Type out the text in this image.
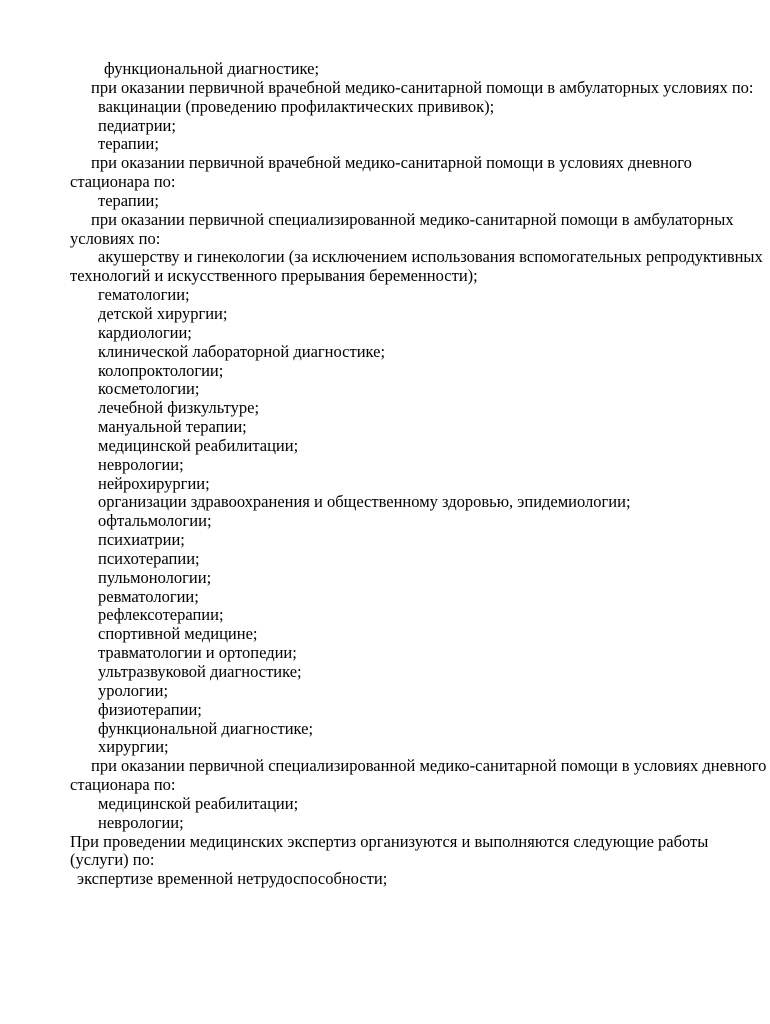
функциональной диагностике;
при оказании первичной врачебной медико-санитарной помощи в амбулаторных условиях по:
вакцинации (проведению профилактических прививок);
педиатрии;
терапии;
при оказании первичной врачебной медико-санитарной помощи в условиях дневного
стационара по:
терапии;
при оказании первичной специализированной медико-санитарной помощи в амбулаторных
условиях по:
акушерству и гинекологии (за исключением использования вспомогательных репродуктивных
технологий и искусственного прерывания беременности);
гематологии;
детской хирургии;
кардиологии;
клинической лабораторной диагностике;
колопроктологии;
косметологии;
лечебной физкультуре;
мануальной терапии;
медицинской реабилитации;
неврологии;
нейрохирургии;
организации здравоохранения и общественному здоровью, эпидемиологии;
офтальмологии;
психиатрии;
психотерапии;
пульмонологии;
ревматологии;
рефлексотерапии;
спортивной медицине;
травматологии и ортопедии;
ультразвуковой диагностике;
урологии;
физиотерапии;
функциональной диагностике;
хирургии;
при оказании первичной специализированной медико-санитарной помощи в условиях дневного
стационара по:
медицинской реабилитации;
неврологии;
При проведении медицинских экспертиз организуются и выполняются следующие работы
(услуги) по:
экспертизе временной нетрудоспособности;
